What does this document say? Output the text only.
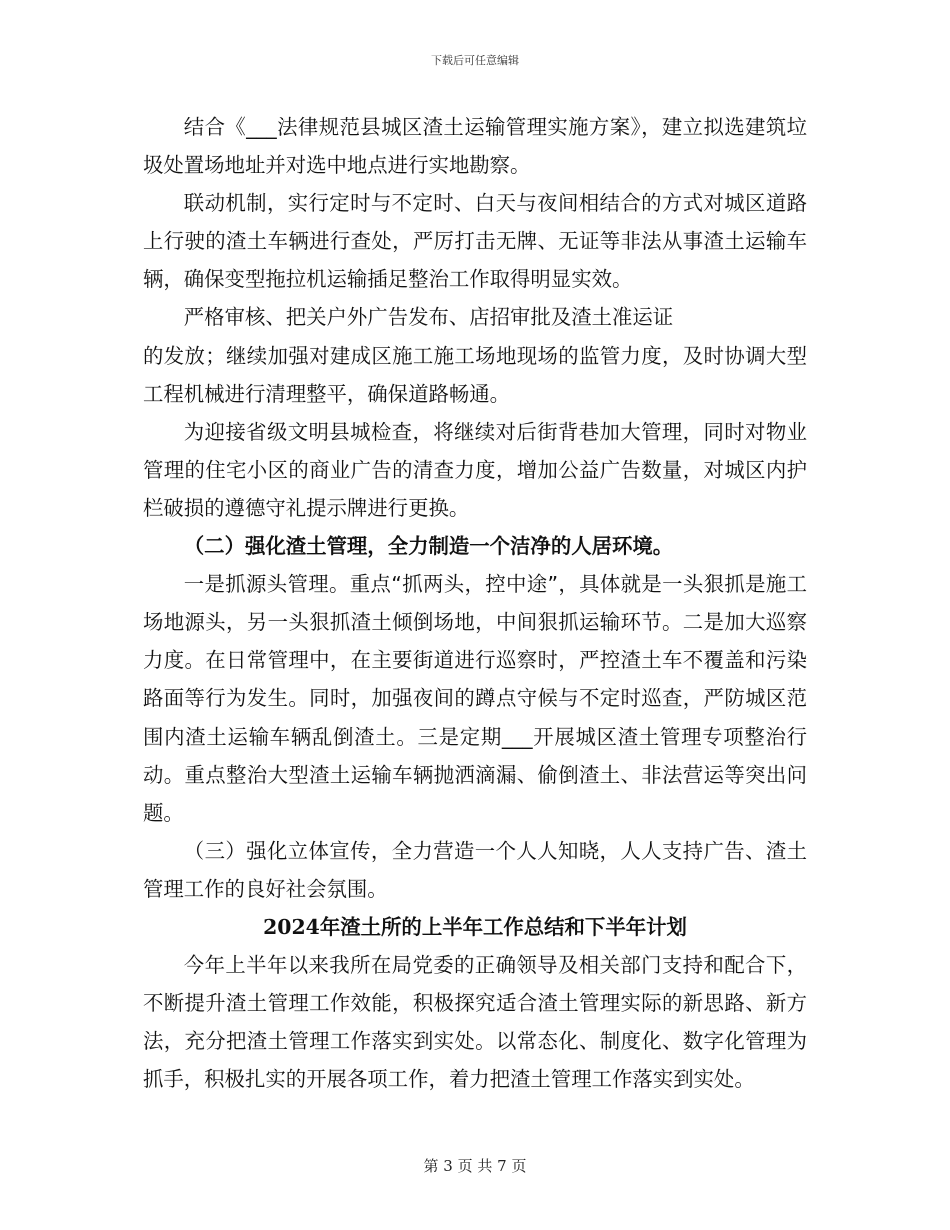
下载后可任意编辑

结合《___法律规范县城区渣土运输管理实施方案》，建立拟选建筑垃圾处置场地址并对选中地点进行实地勘察。

联动机制，实行定时与不定时、白天与夜间相结合的方式对城区道路上行驶的渣土车辆进行查处，严厉打击无牌、无证等非法从事渣土运输车辆，确保变型拖拉机运输插足整治工作取得明显实效。

严格审核、把关户外广告发布、店招审批及渣土准运证

的发放；继续加强对建成区施工施工场地现场的监管力度，及时协调大型工程机械进行清理整平，确保道路畅通。

为迎接省级文明县城检查，将继续对后街背巷加大管理，同时对物业管理的住宅小区的商业广告的清查力度，增加公益广告数量，对城区内护栏破损的遵德守礼提示牌进行更换。

（二）强化渣土管理，全力制造一个洁净的人居环境。

一是抓源头管理。重点“抓两头，控中途”，具体就是一头狠抓是施工场地源头，另一头狠抓渣土倾倒场地，中间狠抓运输环节。二是加大巡察力度。在日常管理中，在主要街道进行巡察时，严控渣土车不覆盖和污染路面等行为发生。同时，加强夜间的蹲点守候与不定时巡查，严防城区范围内渣土运输车辆乱倒渣土。三是定期___开展城区渣土管理专项整治行动。重点整治大型渣土运输车辆抛洒滴漏、偷倒渣土、非法营运等突出问题。

（三）强化立体宣传，全力营造一个人人知晓，人人支持广告、渣土管理工作的良好社会氛围。

2024年渣土所的上半年工作总结和下半年计划

今年上半年以来我所在局党委的正确领导及相关部门支持和配合下，不断提升渣土管理工作效能，积极探究适合渣土管理实际的新思路、新方法，充分把渣土管理工作落实到实处。以常态化、制度化、数字化管理为抓手，积极扎实的开展各项工作，着力把渣土管理工作落实到实处。

第 3 页 共 7 页
